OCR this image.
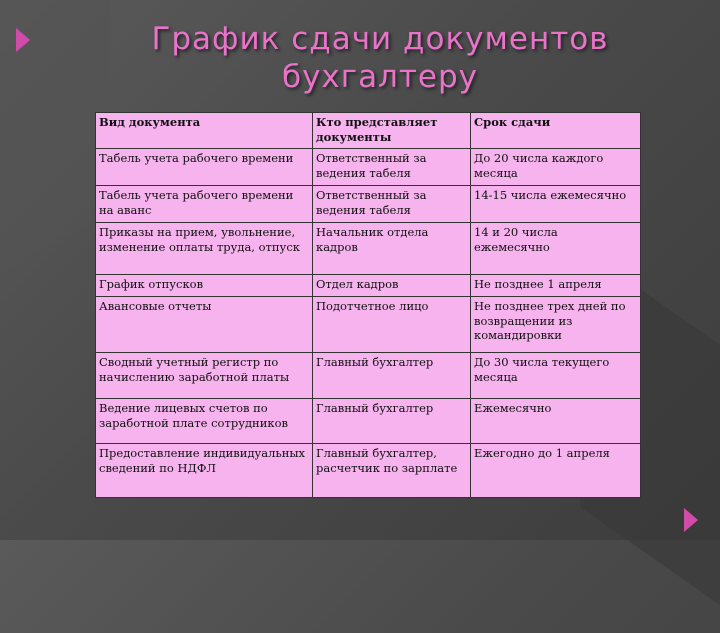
График сдачи документов
бухгалтеру
Вид документа	Кто представляет документы	Срок сдачи
Табель учета рабочего времени	Ответственный за ведения табеля	До 20 числа каждого месяца
Табель учета рабочего времени на аванс	Ответственный за ведения табеля	14-15 числа ежемесячно
Приказы на прием, увольнение, изменение оплаты труда, отпуск	Начальник отдела кадров	14 и 20 числа ежемесячно
График отпусков	Отдел кадров	Не позднее 1 апреля
Авансовые отчеты	Подотчетное лицо	Не позднее трех дней по возвращении из командировки
Сводный учетный регистр по начислению заработной платы	Главный бухгалтер	До 30 числа текущего месяца
Ведение лицевых счетов по заработной плате сотрудников	Главный бухгалтер	Ежемесячно
Предоставление индивидуальных сведений по НДФЛ	Главный бухгалтер, расчетчик по зарплате	Ежегодно до 1 апреля
